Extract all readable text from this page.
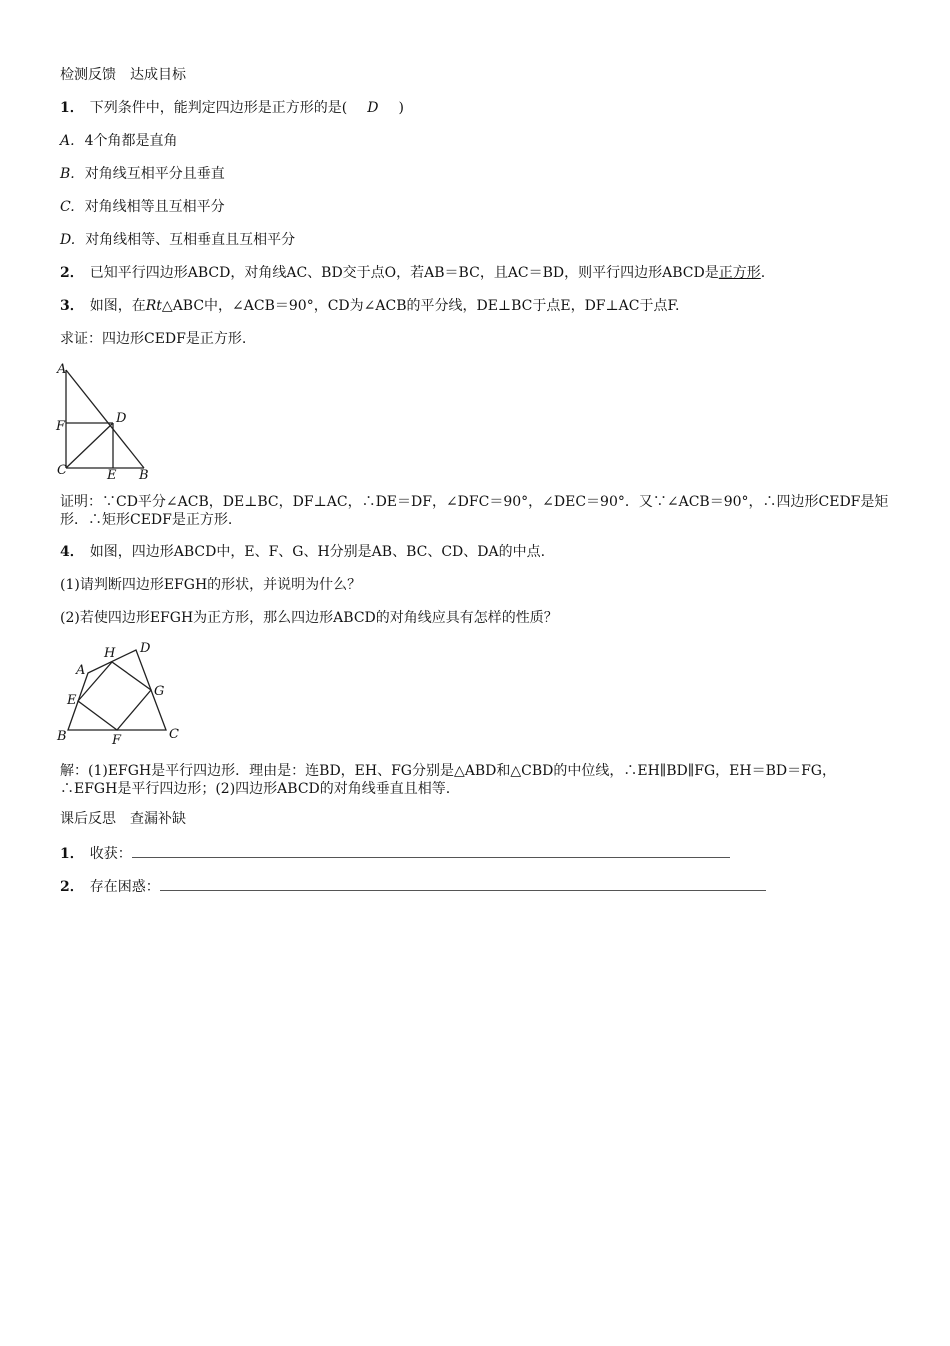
检测反馈　达成目标
1． 下列条件中，能判定四边形是正方形的是(　D　)
A. 4个角都是直角
B. 对角线互相平分且垂直
C. 对角线相等且互相平分
D. 对角线相等、互相垂直且互相平分
2． 已知平行四边形ABCD，对角线AC、BD交于点O，若AB＝BC，且AC＝BD，则平行四边形ABCD是正方形.
3． 如图，在Rt△ABC中，∠ACB＝90°，CD为∠ACB的平分线，DE⊥BC于点E，DF⊥AC于点F.
求证：四边形CEDF是正方形.
A
F
D
C	E B
证明：∵CD平分∠ACB，DE⊥BC，DF⊥AC，∴DE＝DF，∠DFC＝90°，∠DEC＝90°．又∵∠ACB＝90°，∴四边形CEDF是矩形．∴矩形CEDF是正方形.
4． 如图，四边形ABCD中，E、F、G、H分别是AB、BC、CD、DA的中点.
(1)请判断四边形EFGH的形状，并说明为什么？
(2)若使四边形EFGH为正方形，那么四边形ABCD的对角线应具有怎样的性质？
A
H D
E
G
B	F	C
解：(1)EFGH是平行四边形．理由是：连BD，EH、FG分别是△ABD和△CBD的中位线，∴EH∥BD∥FG，EH＝BD＝FG，∴EFGH是平行四边形；(2)四边形ABCD的对角线垂直且相等.
课后反思　查漏补缺
1． 收获：
2． 存在困惑：
